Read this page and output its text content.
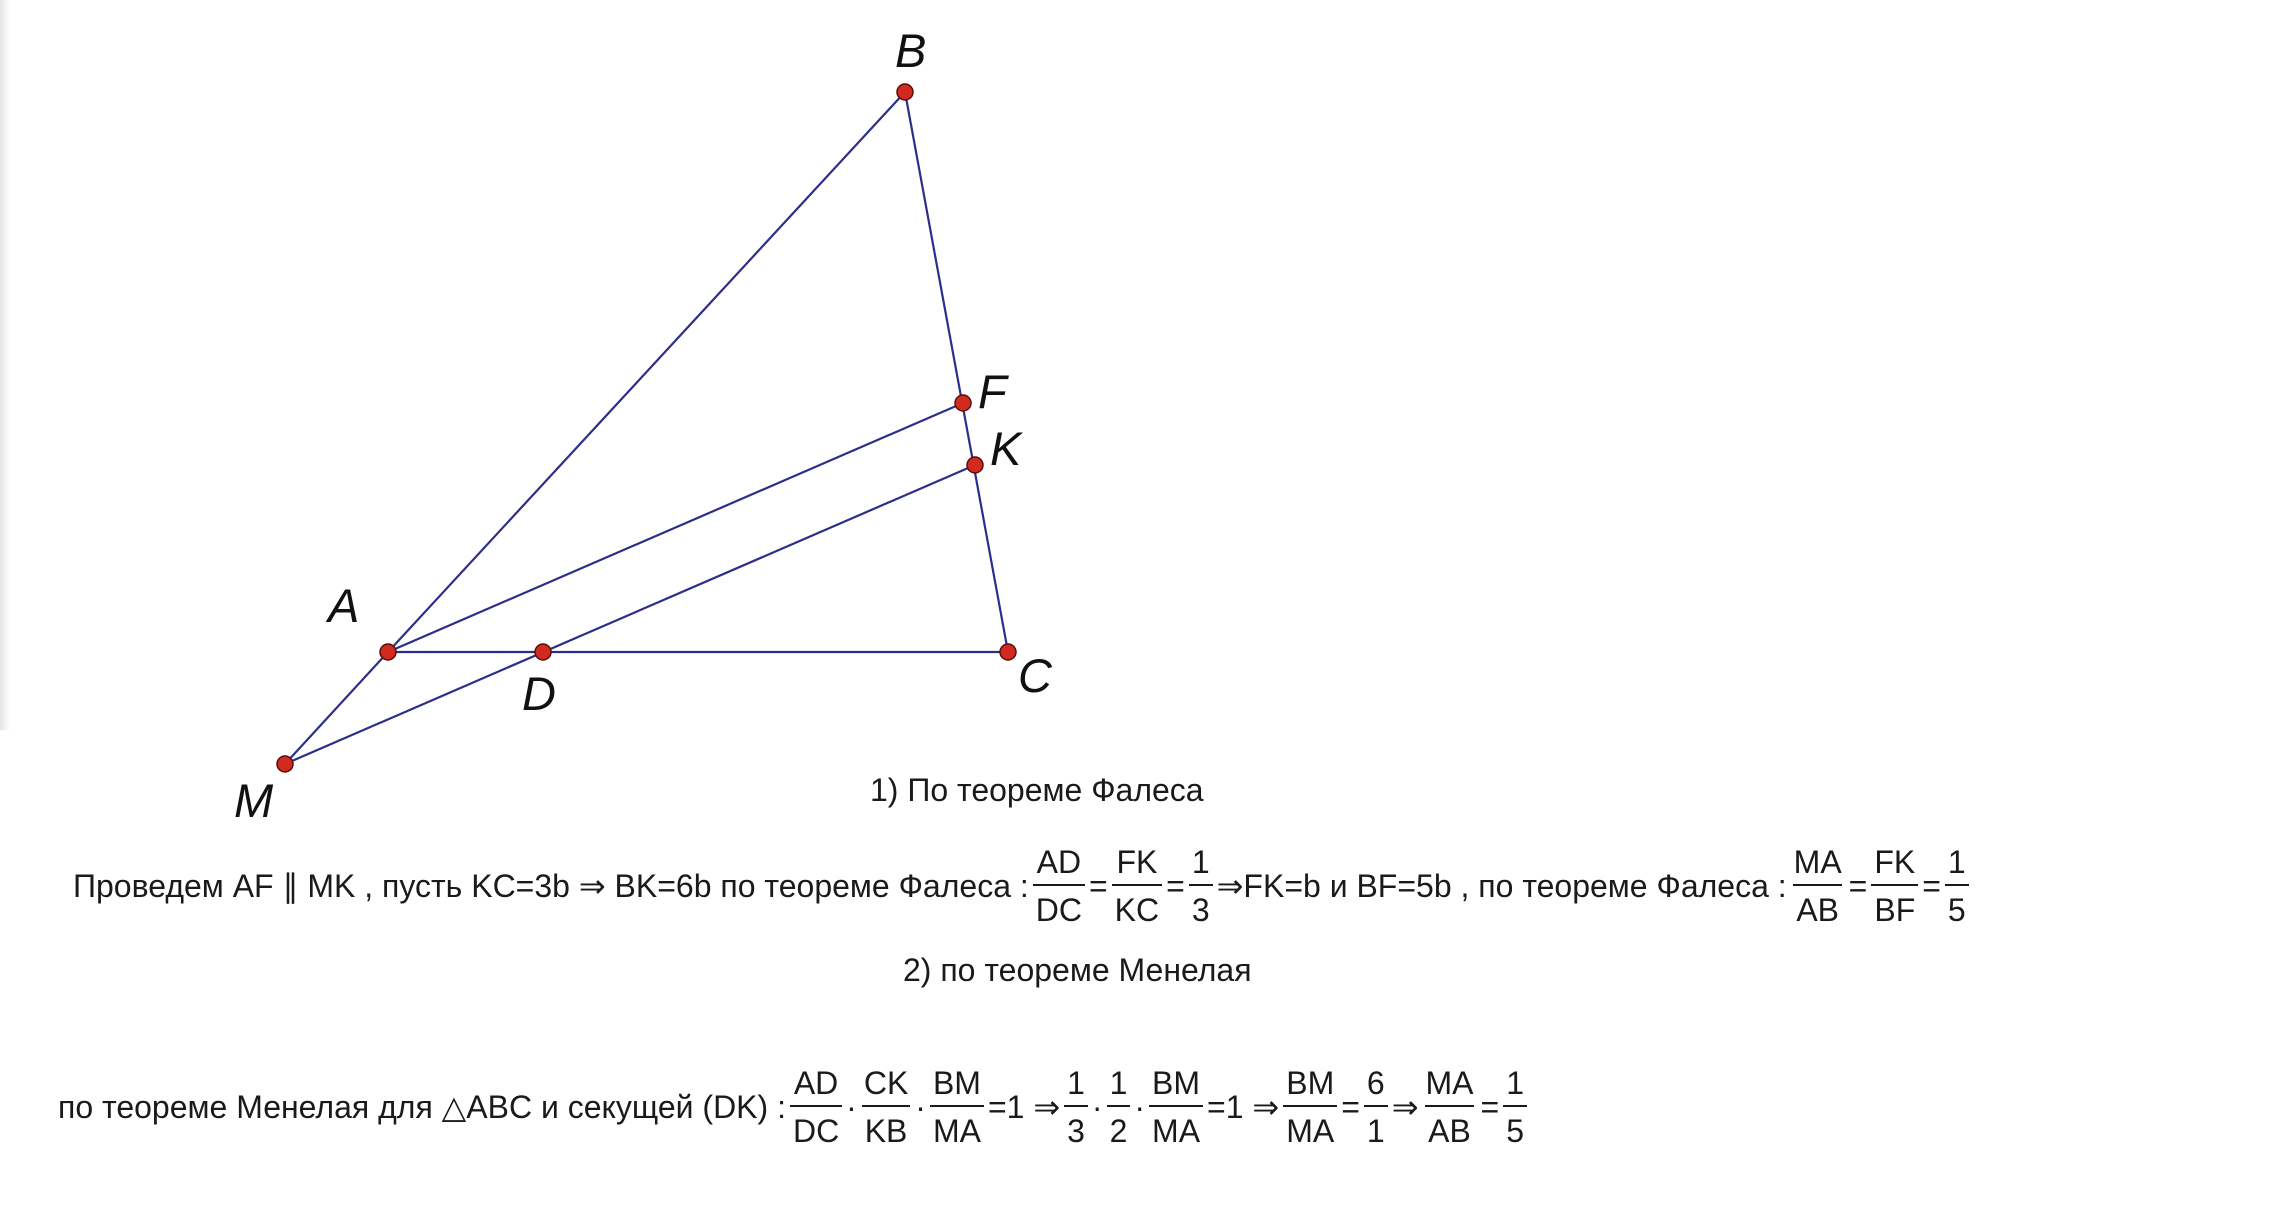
B
F
K
A
D	C
M	1) По теореме Фалеса
Проведем AF ∥ MK , пусть KC=3b ⇒ BK=6b по теореме Фалеса : $\frac{AD}{DC} = \frac{FK}{KC} = \frac{1}{3}$ ⇒FK=b и BF=5b , по теореме Фалеса : $\frac{MA}{AB} = \frac{FK}{BF} = \frac{1}{5}$
2) по теореме Менелая
по теореме Менелая для △ABC и секущей (DK) : $\frac{AD}{DC} \cdot \frac{CK}{KB} \cdot \frac{BM}{MA} =1$ ⇒ $\frac{1}{3} \cdot \frac{1}{2} \cdot \frac{BM}{MA} =1$ ⇒ $\frac{BM}{MA} = \frac{6}{1}$ ⇒ $\frac{MA}{AB} = \frac{1}{5}$
